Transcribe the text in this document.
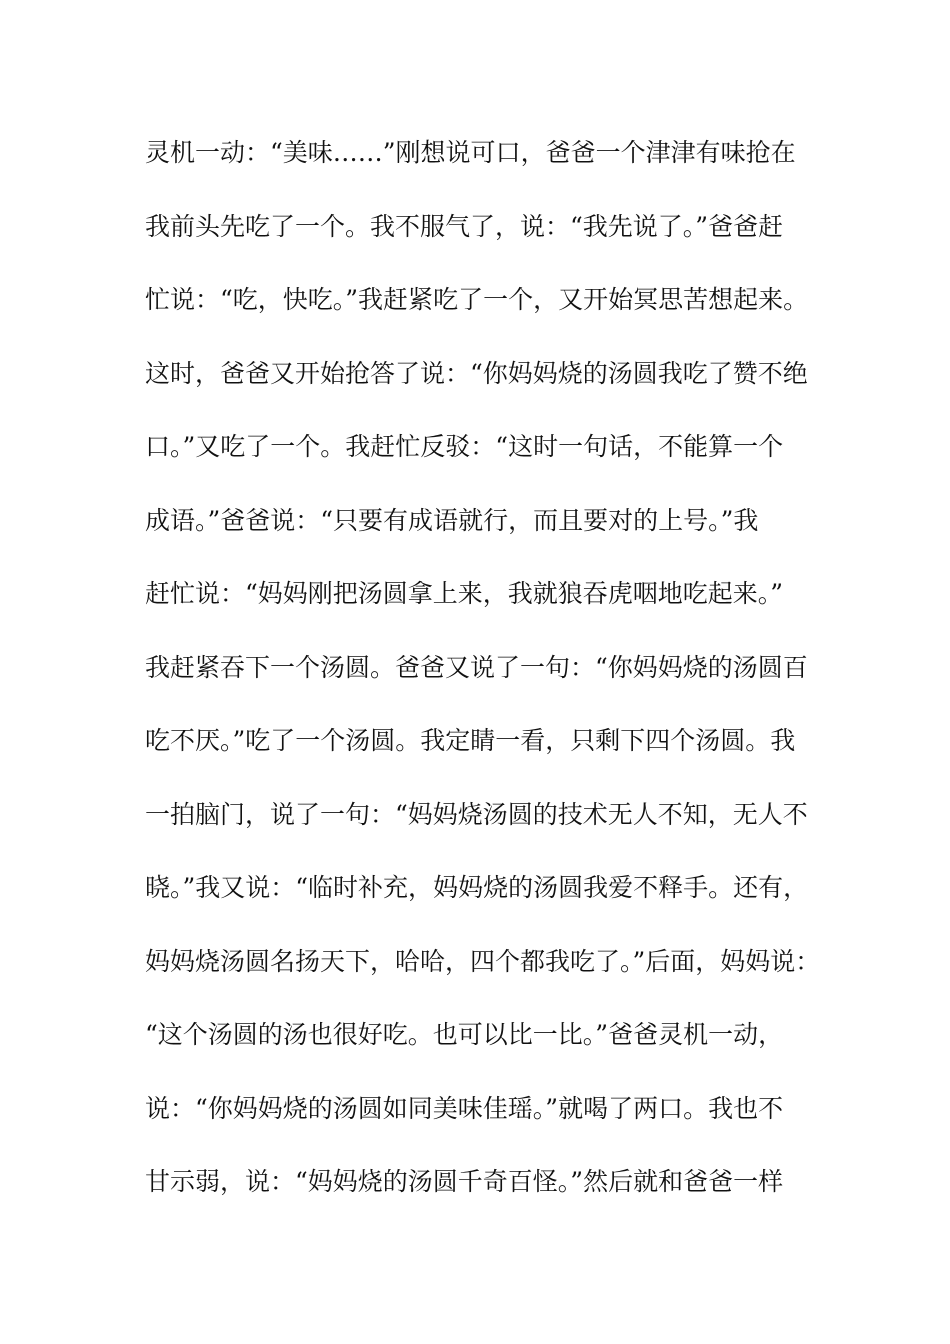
灵机一动：“美味……”刚想说可口，爸爸一个津津有味抢在
我前头先吃了一个。我不服气了，说：“我先说了。”爸爸赶
忙说：“吃，快吃。”我赶紧吃了一个，又开始冥思苦想起来。
这时，爸爸又开始抢答了说：“你妈妈烧的汤圆我吃了赞不绝
口。”又吃了一个。我赶忙反驳：“这时一句话，不能算一个
成语。”爸爸说：“只要有成语就行，而且要对的上号。”我
赶忙说：“妈妈刚把汤圆拿上来，我就狼吞虎咽地吃起来。”
我赶紧吞下一个汤圆。爸爸又说了一句：“你妈妈烧的汤圆百
吃不厌。”吃了一个汤圆。我定睛一看，只剩下四个汤圆。我
一拍脑门，说了一句：“妈妈烧汤圆的技术无人不知，无人不
晓。”我又说：“临时补充，妈妈烧的汤圆我爱不释手。还有，
妈妈烧汤圆名扬天下，哈哈，四个都我吃了。”后面，妈妈说：
“这个汤圆的汤也很好吃。也可以比一比。”爸爸灵机一动，
说：“你妈妈烧的汤圆如同美味佳瑶。”就喝了两口。我也不
甘示弱，说：“妈妈烧的汤圆千奇百怪。”然后就和爸爸一样
